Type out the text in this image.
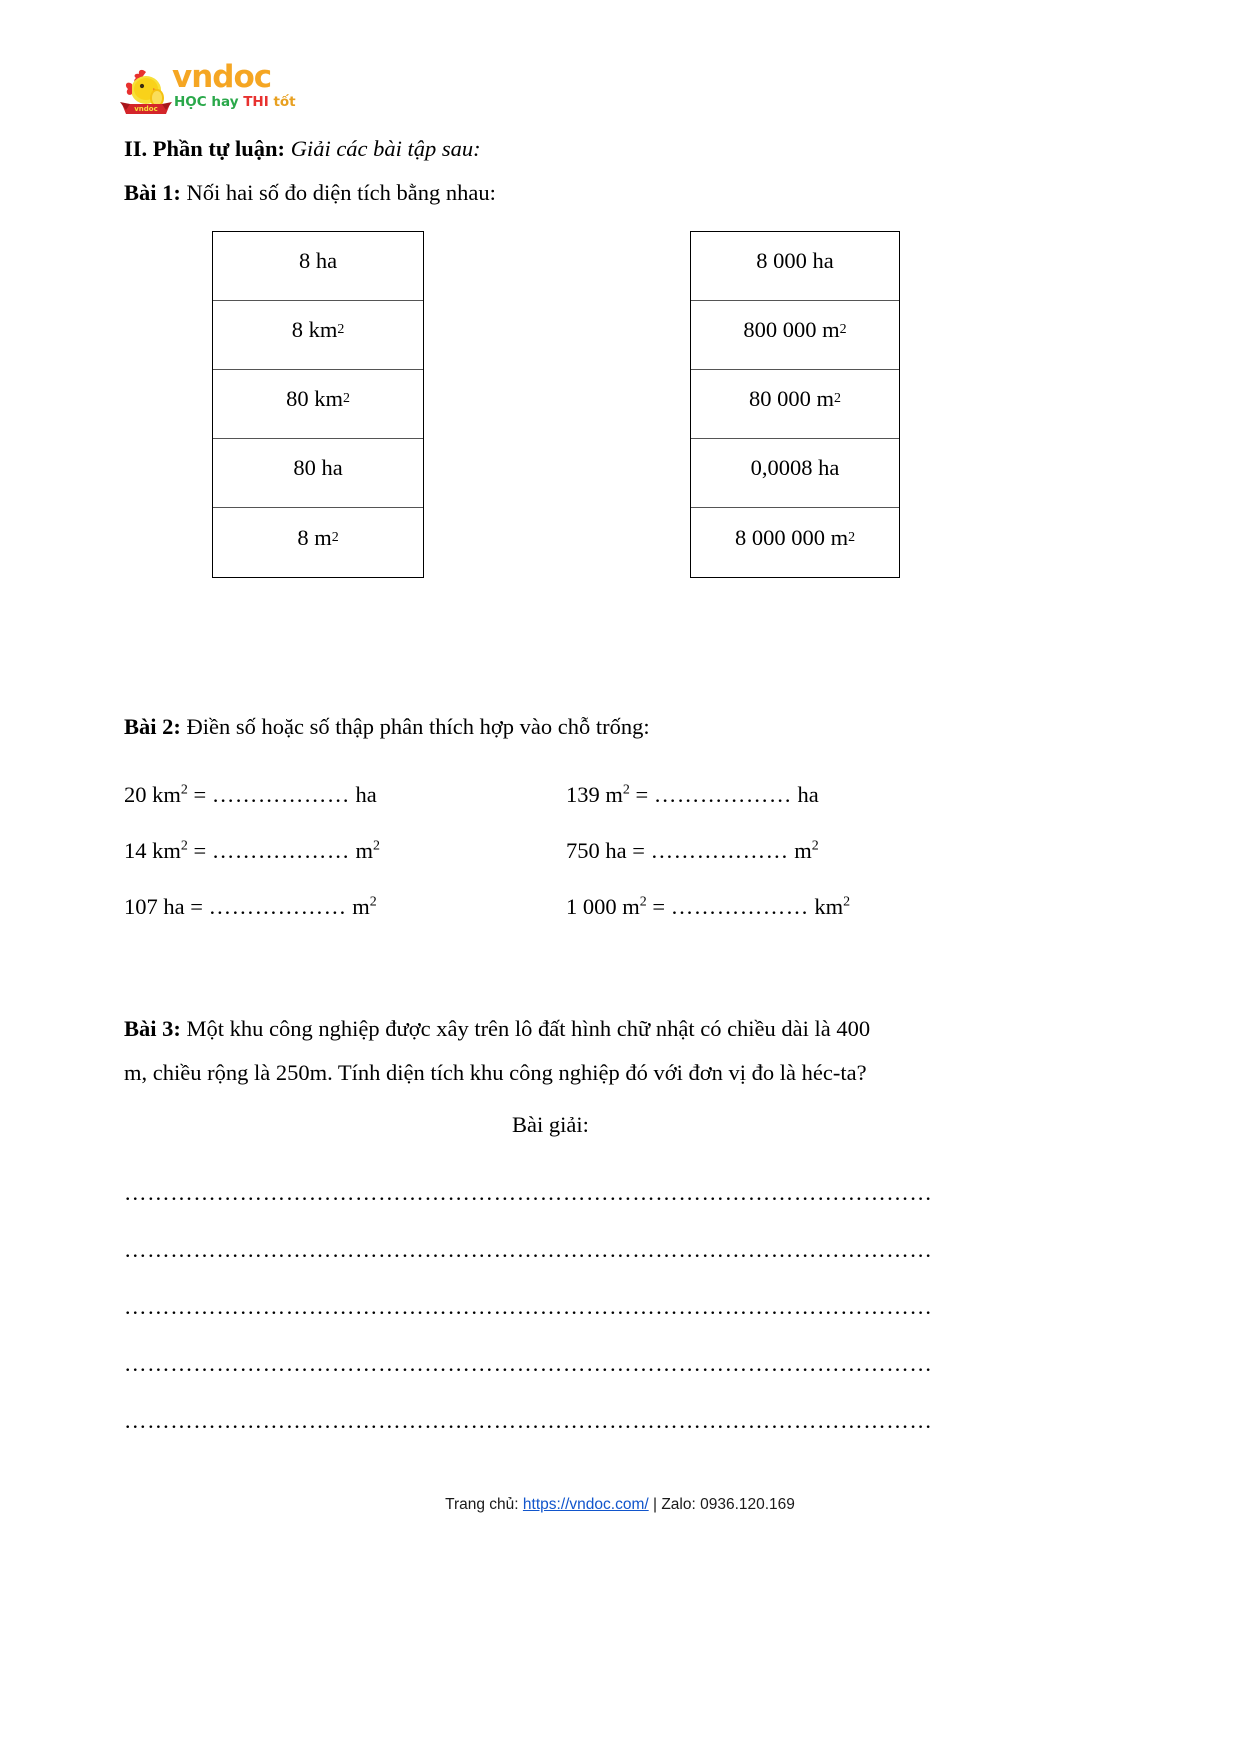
vndoc
vndoc
HỌC hay THI tốt
II. Phần tự luận: Giải các bài tập sau:
Bài 1: Nối hai số đo diện tích bằng nhau:
8
ha
8
km 2
80
km 2
80
ha
8
m 2
8 000
ha
800 000
m 2
80 000
m 2
0,0008
ha
8 000 000
m 2
Bài 2: Điền số hoặc số thập phân thích hợp vào chỗ trống:
20 $km^2$ = ……………… ha	139 $m^2$ = ……………… ha
14 $km^2$ = ……………… $m^2$	750 ha = ……………… $m^2$
107 ha = ……………… $m^2$	1 000 $m^2$ = ……………… $km^2$
Bài 3: Một khu công nghiệp được xây trên lô đất hình chữ nhật có chiều dài là 400
m, chiều rộng là 250m. Tính diện tích khu công nghiệp đó với đơn vị đo là héc-ta?
Bài giải:
……………………………………………………………………………………………
……………………………………………………………………………………………
……………………………………………………………………………………………
……………………………………………………………………………………………
……………………………………………………………………………………………
Trang chủ: https://vndoc.com/ | Zalo: 0936.120.169
